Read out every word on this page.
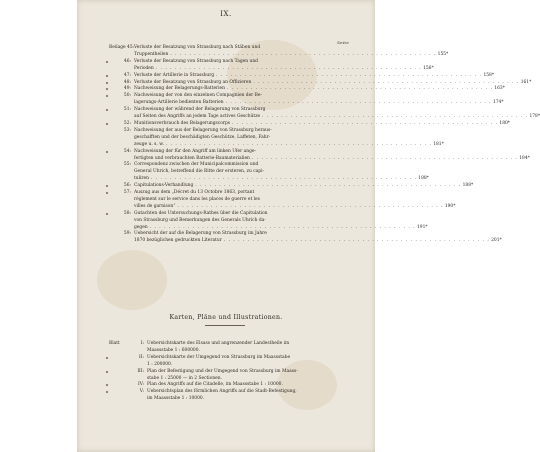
IX.
Seite
Beilage 45: Verluste der Besatzung von Strassburg nach Stäben und
Truppentheilen . . .	155*
46: Verluste der Besatzung von Strassburg nach Tagen und
Perioden . . .	156*
47: Verluste der Artillerie in Strassburg . . .	158*
48: Verluste der Besatzung von Strassburg an Offizieren . . .	161*
49: Nachweisung der Belagerungs-Batterien . . .	163*
50: Nachweisung der von den einzelnen Compagnien der Be-
lagerungs-Artillerie bedienten Batterien . . .	174*
51: Nachweisung der während der Belagerung von Strassburg
auf Seiten des Angriffs an jedem Tage actives Geschütze . . .	178*
52: Munitionsverbrauch des Belagerungscorps . . .	180*
53: Nachweisung der aus der Belagerung von Strassburg heraus-
geschafften und der beschädigten Geschütze, Laffeten, Fahr-
zeuge u. s. w. . . .	181*
54: Nachweisung der für den Angriff am linken Ufer ange-
fertigten und verbrauchten Batterie-Baumaterialien . . .	184*
55: Correspondenz zwischen der Municipalcommission und
General Uhrich, betreffend die Bitte der ersteren, zu capi-
tuliren . . .	188*
56: Capitulations-Verhandlung . . .	188*
57: Auszug aus dem „Décret du 13 Octobre 1863, portant
réglement sur le service dans les places de guerre et les
villes de garnison“ . . .	190*
58: Gutachten des Untersuchungs-Rathes über die Capitulation
von Strassburg und Bemerkungen des Generals Uhrich da-
gegen . . .	191*
59: Uebersicht der auf die Belagerung von Strassburg im Jahre
1870 bezüglichen gedruckten Literatur . . .	201*
Karten, Pläne und Illustrationen.
Blatt	I: Uebersichtskarte des Elsass und angrenzender Landestheile im
Maassstabe 1 : 600000.
II: Uebersichtskarte der Umgegend von Strassburg im Maassstabe
1 : 200000.
III: Plan der Befestigung und der Umgegend von Strassburg im Maass-
stabe 1 : 25000 — in 2 Sectionen.
IV: Plan des Angriffs auf die Citadelle, im Maassstabe 1 : 10000.
V: Uebersichtsplan des förmlichen Angriffs auf die Stadt-Befestigung,
im Maassstabe 1 : 10000.
